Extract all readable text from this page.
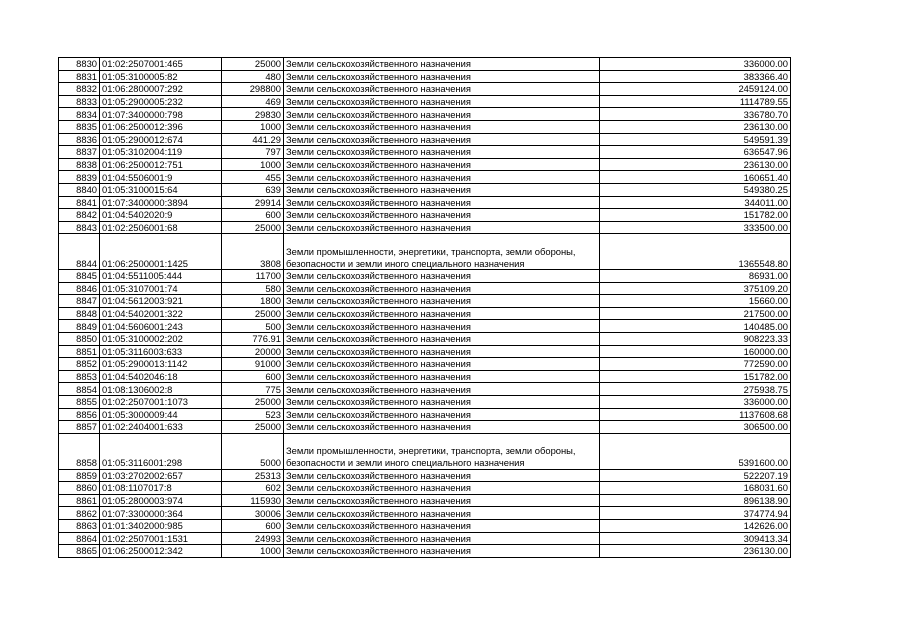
8830	01:02:2507001:465	25000	Земли сельскохозяйственного назначения	336000.00
8831	01:05:3100005:82	480	Земли сельскохозяйственного назначения	383366.40
8832	01:06:2800007:292	298800	Земли сельскохозяйственного назначения	2459124.00
8833	01:05:2900005:232	469	Земли сельскохозяйственного назначения	1114789.55
8834	01:07:3400000:798	29830	Земли сельскохозяйственного назначения	336780.70
8835	01:06:2500012:396	1000	Земли сельскохозяйственного назначения	236130.00
8836	01:05:2900012:674	441.29	Земли сельскохозяйственного назначения	549591.39
8837	01:05:3102004:119	797	Земли сельскохозяйственного назначения	636547.96
8838	01:06:2500012:751	1000	Земли сельскохозяйственного назначения	236130.00
8839	01:04:5506001:9	455	Земли сельскохозяйственного назначения	160651.40
8840	01:05:3100015:64	639	Земли сельскохозяйственного назначения	549380.25
8841	01:07:3400000:3894	29914	Земли сельскохозяйственного назначения	344011.00
8842	01:04:5402020:9	600	Земли сельскохозяйственного назначения	151782.00
8843	01:02:2506001:68	25000	Земли сельскохозяйственного назначения	333500.00
8844	01:06:2500001:1425	3808	Земли промышленности, энергетики, транспорта, земли обороны, безопасности и земли иного специального назначения	1365548.80
8845	01:04:5511005:444	11700	Земли сельскохозяйственного назначения	86931.00
8846	01:05:3107001:74	580	Земли сельскохозяйственного назначения	375109.20
8847	01:04:5612003:921	1800	Земли сельскохозяйственного назначения	15660.00
8848	01:04:5402001:322	25000	Земли сельскохозяйственного назначения	217500.00
8849	01:04:5606001:243	500	Земли сельскохозяйственного назначения	140485.00
8850	01:05:3100002:202	776.91	Земли сельскохозяйственного назначения	908223.33
8851	01:05:3116003:633	20000	Земли сельскохозяйственного назначения	160000.00
8852	01:05:2900013:1142	91000	Земли сельскохозяйственного назначения	772590.00
8853	01:04:5402046:18	600	Земли сельскохозяйственного назначения	151782.00
8854	01:08:1306002:8	775	Земли сельскохозяйственного назначения	275938.75
8855	01:02:2507001:1073	25000	Земли сельскохозяйственного назначения	336000.00
8856	01:05:3000009:44	523	Земли сельскохозяйственного назначения	1137608.68
8857	01:02:2404001:633	25000	Земли сельскохозяйственного назначения	306500.00
8858	01:05:3116001:298	5000	Земли промышленности, энергетики, транспорта, земли обороны, безопасности и земли иного специального назначения	5391600.00
8859	01:03:2702002:657	25313	Земли сельскохозяйственного назначения	522207.19
8860	01:08:1107017:8	602	Земли сельскохозяйственного назначения	168031.60
8861	01:05:2800003:974	115930	Земли сельскохозяйственного назначения	896138.90
8862	01:07:3300000:364	30006	Земли сельскохозяйственного назначения	374774.94
8863	01:01:3402000:985	600	Земли сельскохозяйственного назначения	142626.00
8864	01:02:2507001:1531	24993	Земли сельскохозяйственного назначения	309413.34
8865	01:06:2500012:342	1000	Земли сельскохозяйственного назначения	236130.00
